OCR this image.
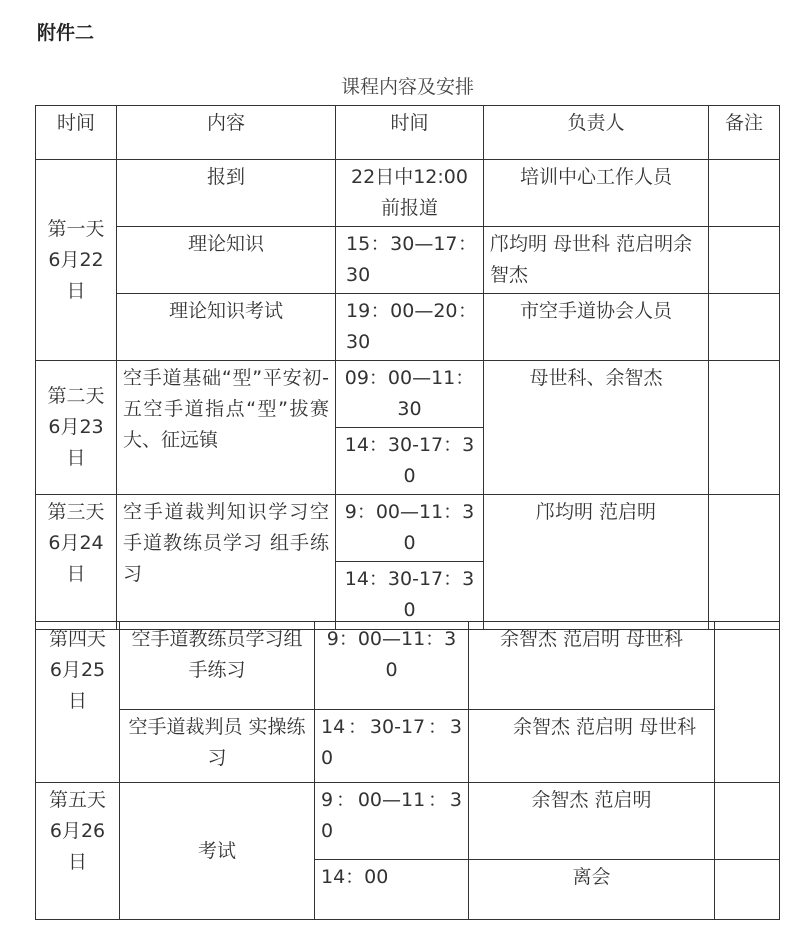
附件二
课程内容及安排
时间	内容	时间	负责人	备注
第一天
6月22
日	报到	22日中12:00前报道	培训中心工作人员	
	理论知识	15：30—17：30	邝均明 母世科 范启明余智杰	
	理论知识考试	19：00—20：30	市空手道协会人员	
第二天
6月23
日	空手道基础“型”平安初-五空手道指点“型”拔赛大、征远镇	09：00—11：30	母世科、余智杰	
		14：30-17：30		
第三天
6月24
日	空手道裁判知识学习空手道教练员学习 组手练习	9：00—11：30	邝均明 范启明	
		14：30-17：30		
第四天
6月25
日	空手道教练员学习组手练习	9：00—11：30	余智杰 范启明 母世科	
	空手道裁判员 实操练习	14：30-17：30	余智杰 范启明 母世科	
第五天
6月26
日	考试	9：00—11：30	余智杰 范启明	
		14：00	离会	
